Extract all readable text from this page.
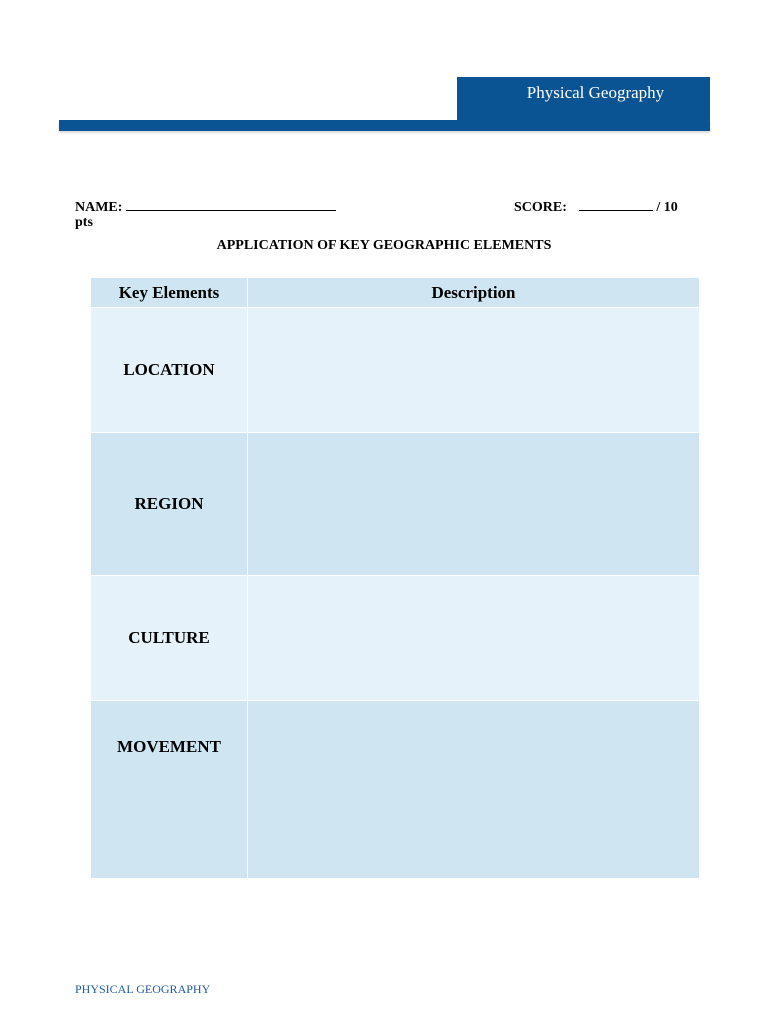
Physical Geography
NAME:	SCORE:	/ 10
pts
APPLICATION OF KEY GEOGRAPHIC ELEMENTS
Key Elements	Description
LOCATION	
REGION	
CULTURE	
MOVEMENT	
PHYSICAL GEOGRAPHY
